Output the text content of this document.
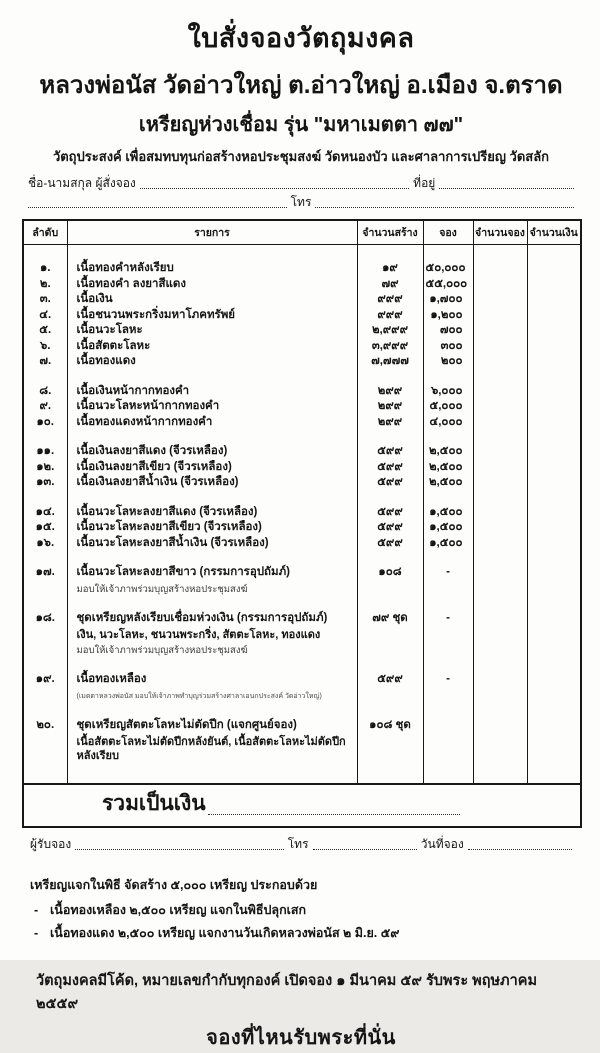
ใบสั่งจองวัตถุมงคล
หลวงพ่อนัส วัดอ่าวใหญ่ ต.อ่าวใหญ่ อ.เมือง จ.ตราด
เหรียญห่วงเชื่อม รุ่น "มหาเมตตา ๗๗"
วัตถุประสงค์ เพื่อสมทบทุนก่อสร้างหอประชุมสงฆ์ วัดหนองบัว และศาลาการเปรียญ วัดสลัก
ชื่อ-นามสกุล ผู้สั่งจอง	ที่อยู่
โทร
ลำดับ	รายการ	จำนวนสร้าง	จอง	จำนวนจอง	จำนวนเงิน
๑.	เนื้อทองคำหลังเรียบ	๑๙	๕๐,๐๐๐		
๒.	เนื้อทองคำ ลงยาสีแดง	๗๙	๕๕,๐๐๐		
๓.	เนื้อเงิน	๙๙๙	๑,๗๐๐		
๔.	เนื้อชนวนพระกริ่งมหาโภคทรัพย์	๙๙๙	๑,๒๐๐		
๕.	เนื้อนวะโลหะ	๒,๙๙๙	๗๐๐		
๖.	เนื้อสัตตะโลหะ	๓,๙๙๙	๓๐๐		
๗.	เนื้อทองแดง	๗,๗๗๗	๒๐๐		
๘.	เนื้อเงินหน้ากากทองคำ	๒๙๙	๖,๐๐๐		
๙.	เนื้อนวะโลหะหน้ากากทองคำ	๒๙๙	๕,๐๐๐		
๑๐.	เนื้อทองแดงหน้ากากทองคำ	๒๙๙	๔,๐๐๐		
๑๑.	เนื้อเงินลงยาสีแดง (จีวรเหลือง)	๕๙๙	๒,๕๐๐		
๑๒.	เนื้อเงินลงยาสีเขียว (จีวรเหลือง)	๕๙๙	๒,๕๐๐		
๑๓.	เนื้อเงินลงยาสีน้ำเงิน (จีวรเหลือง)	๕๙๙	๒,๕๐๐		
๑๔.	เนื้อนวะโลหะลงยาสีแดง (จีวรเหลือง)	๕๙๙	๑,๕๐๐		
๑๕.	เนื้อนวะโลหะลงยาสีเขียว (จีวรเหลือง)	๕๙๙	๑,๕๐๐		
๑๖.	เนื้อนวะโลหะลงยาสีน้ำเงิน (จีวรเหลือง)	๕๙๙	๑,๕๐๐		
๑๗.	เนื้อนวะโลหะลงยาสีขาว (กรรมการอุปถัมภ์)	๑๐๘	-		
	มอบให้เจ้าภาพร่วมบุญสร้างหอประชุมสงฆ์				
๑๘.	ชุดเหรียญหลังเรียบเชื่อมห่วงเงิน (กรรมการอุปถัมภ์)	๗๙ ชุด	-		
	เงิน, นวะโลหะ, ชนวนพระกริ่ง, สัตตะโลหะ, ทองแดง				
	มอบให้เจ้าภาพร่วมบุญสร้างหอประชุมสงฆ์				
๑๙.	เนื้อทองเหลือง	๕๙๙	-		
	(เมตตาหลวงพ่อนัส มอบให้เจ้าภาพทำบุญร่วมสร้างศาลาเอนกประสงค์ วัดอ่าวใหญ่)				
๒๐.	ชุดเหรียญสัตตะโลหะไม่ตัดปีก (แจกศูนย์จอง)	๑๐๘ ชุด			
	เนื้อสัตตะโลหะไม่ตัดปีกหลังยันต์, เนื้อสัตตะโลหะไม่ตัดปีกหลังเรียบ				

รวมเป็นเงิน					
ผู้รับจอง	โทร	วันที่จอง
เหรียญแจกในพิธี จัดสร้าง ๕,๐๐๐ เหรียญ ประกอบด้วย
- เนื้อทองเหลือง ๒,๕๐๐ เหรียญ แจกในพิธีปลุกเสก
- เนื้อทองแดง ๒,๕๐๐ เหรียญ แจกงานวันเกิดหลวงพ่อนัส ๒ มิ.ย. ๕๙
วัตถุมงคลมีโค้ด, หมายเลขกำกับทุกองค์ เปิดจอง ๑ มีนาคม ๕๙ รับพระ พฤษภาคม ๒๕๕๙
จองที่ไหนรับพระที่นั่น
